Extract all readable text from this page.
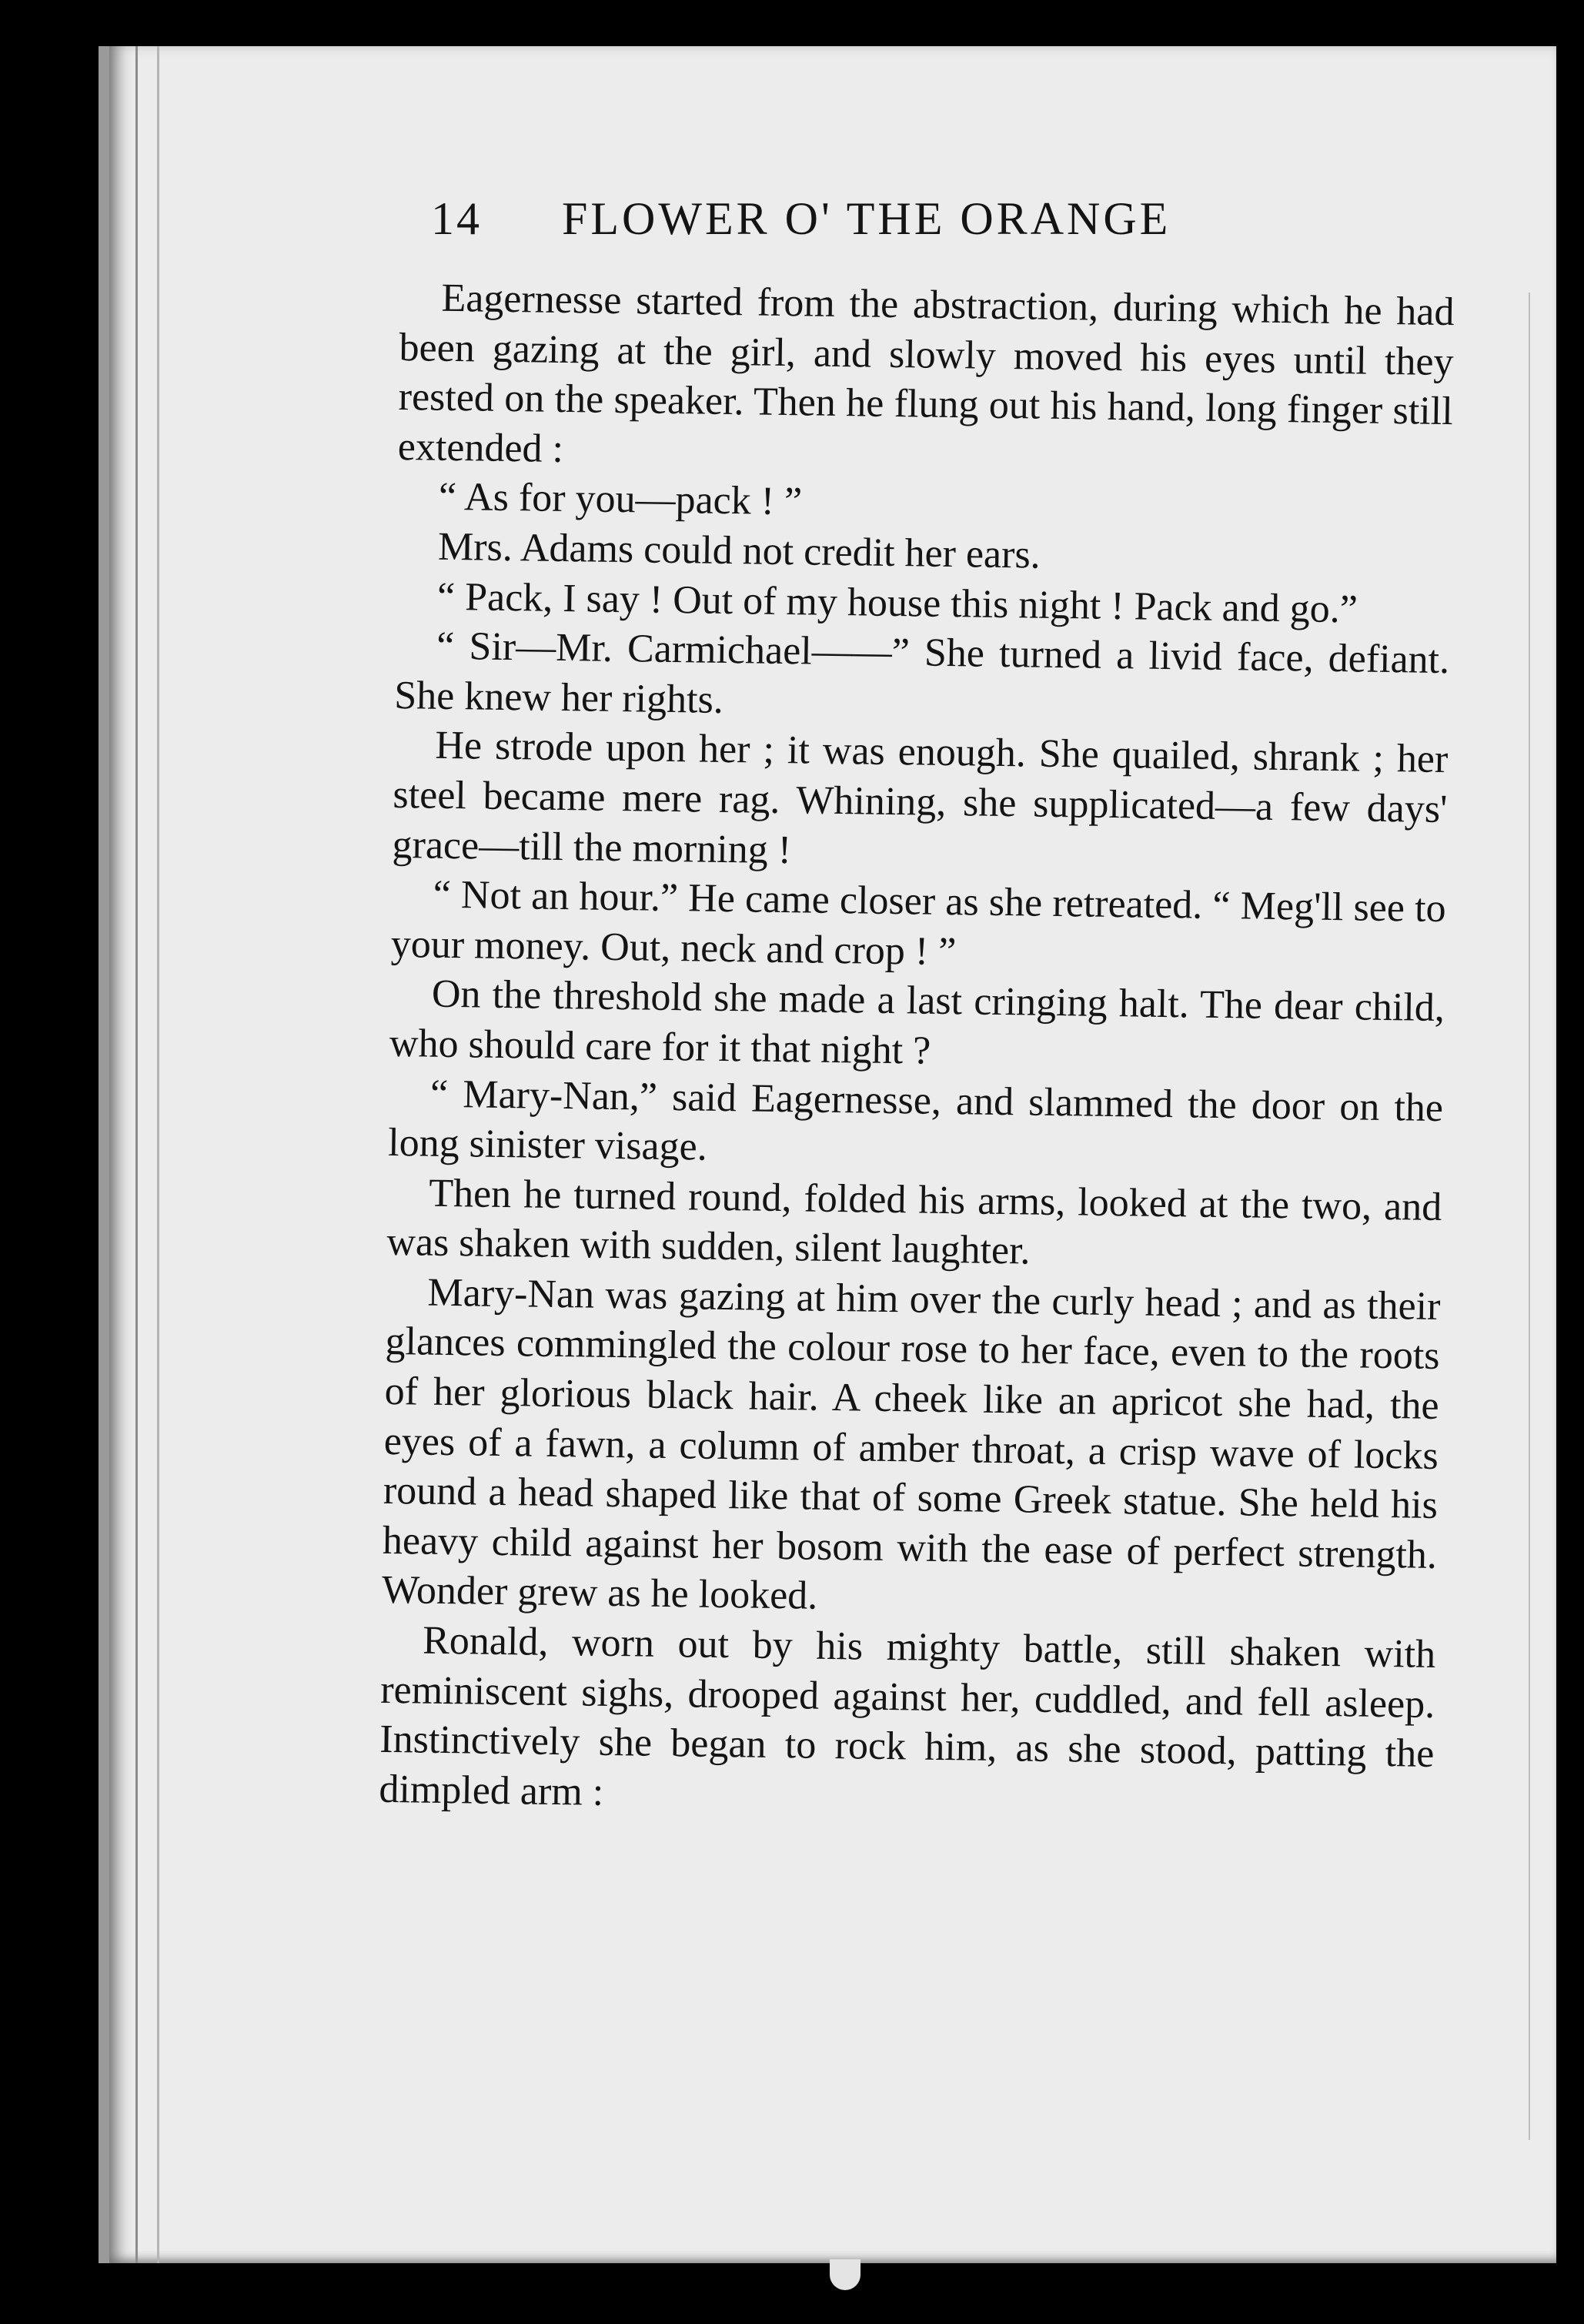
14 FLOWER O' THE ORANGE

Eagernesse started from the abstraction, during which he had been gazing at the girl, and slowly moved his eyes until they rested on the speaker. Then he flung out his hand, long finger still extended :

“ As for you—pack ! ”

Mrs. Adams could not credit her ears.

“ Pack, I say ! Out of my house this night ! Pack and go.”

“ Sir—Mr. Carmichael——” She turned a livid face, defiant. She knew her rights.

He strode upon her ; it was enough. She quailed, shrank ; her steel became mere rag. Whining, she supplicated—a few days' grace—till the morning !

“ Not an hour.” He came closer as she retreated. “ Meg'll see to your money. Out, neck and crop ! ”

On the threshold she made a last cringing halt. The dear child, who should care for it that night ?

“ Mary-Nan,” said Eagernesse, and slammed the door on the long sinister visage.

Then he turned round, folded his arms, looked at the two, and was shaken with sudden, silent laughter.

Mary-Nan was gazing at him over the curly head ; and as their glances commingled the colour rose to her face, even to the roots of her glorious black hair. A cheek like an apricot she had, the eyes of a fawn, a column of amber throat, a crisp wave of locks round a head shaped like that of some Greek statue. She held his heavy child against her bosom with the ease of perfect strength. Wonder grew as he looked.

Ronald, worn out by his mighty battle, still shaken with reminiscent sighs, drooped against her, cuddled, and fell asleep. Instinctively she began to rock him, as she stood, patting the dimpled arm :
